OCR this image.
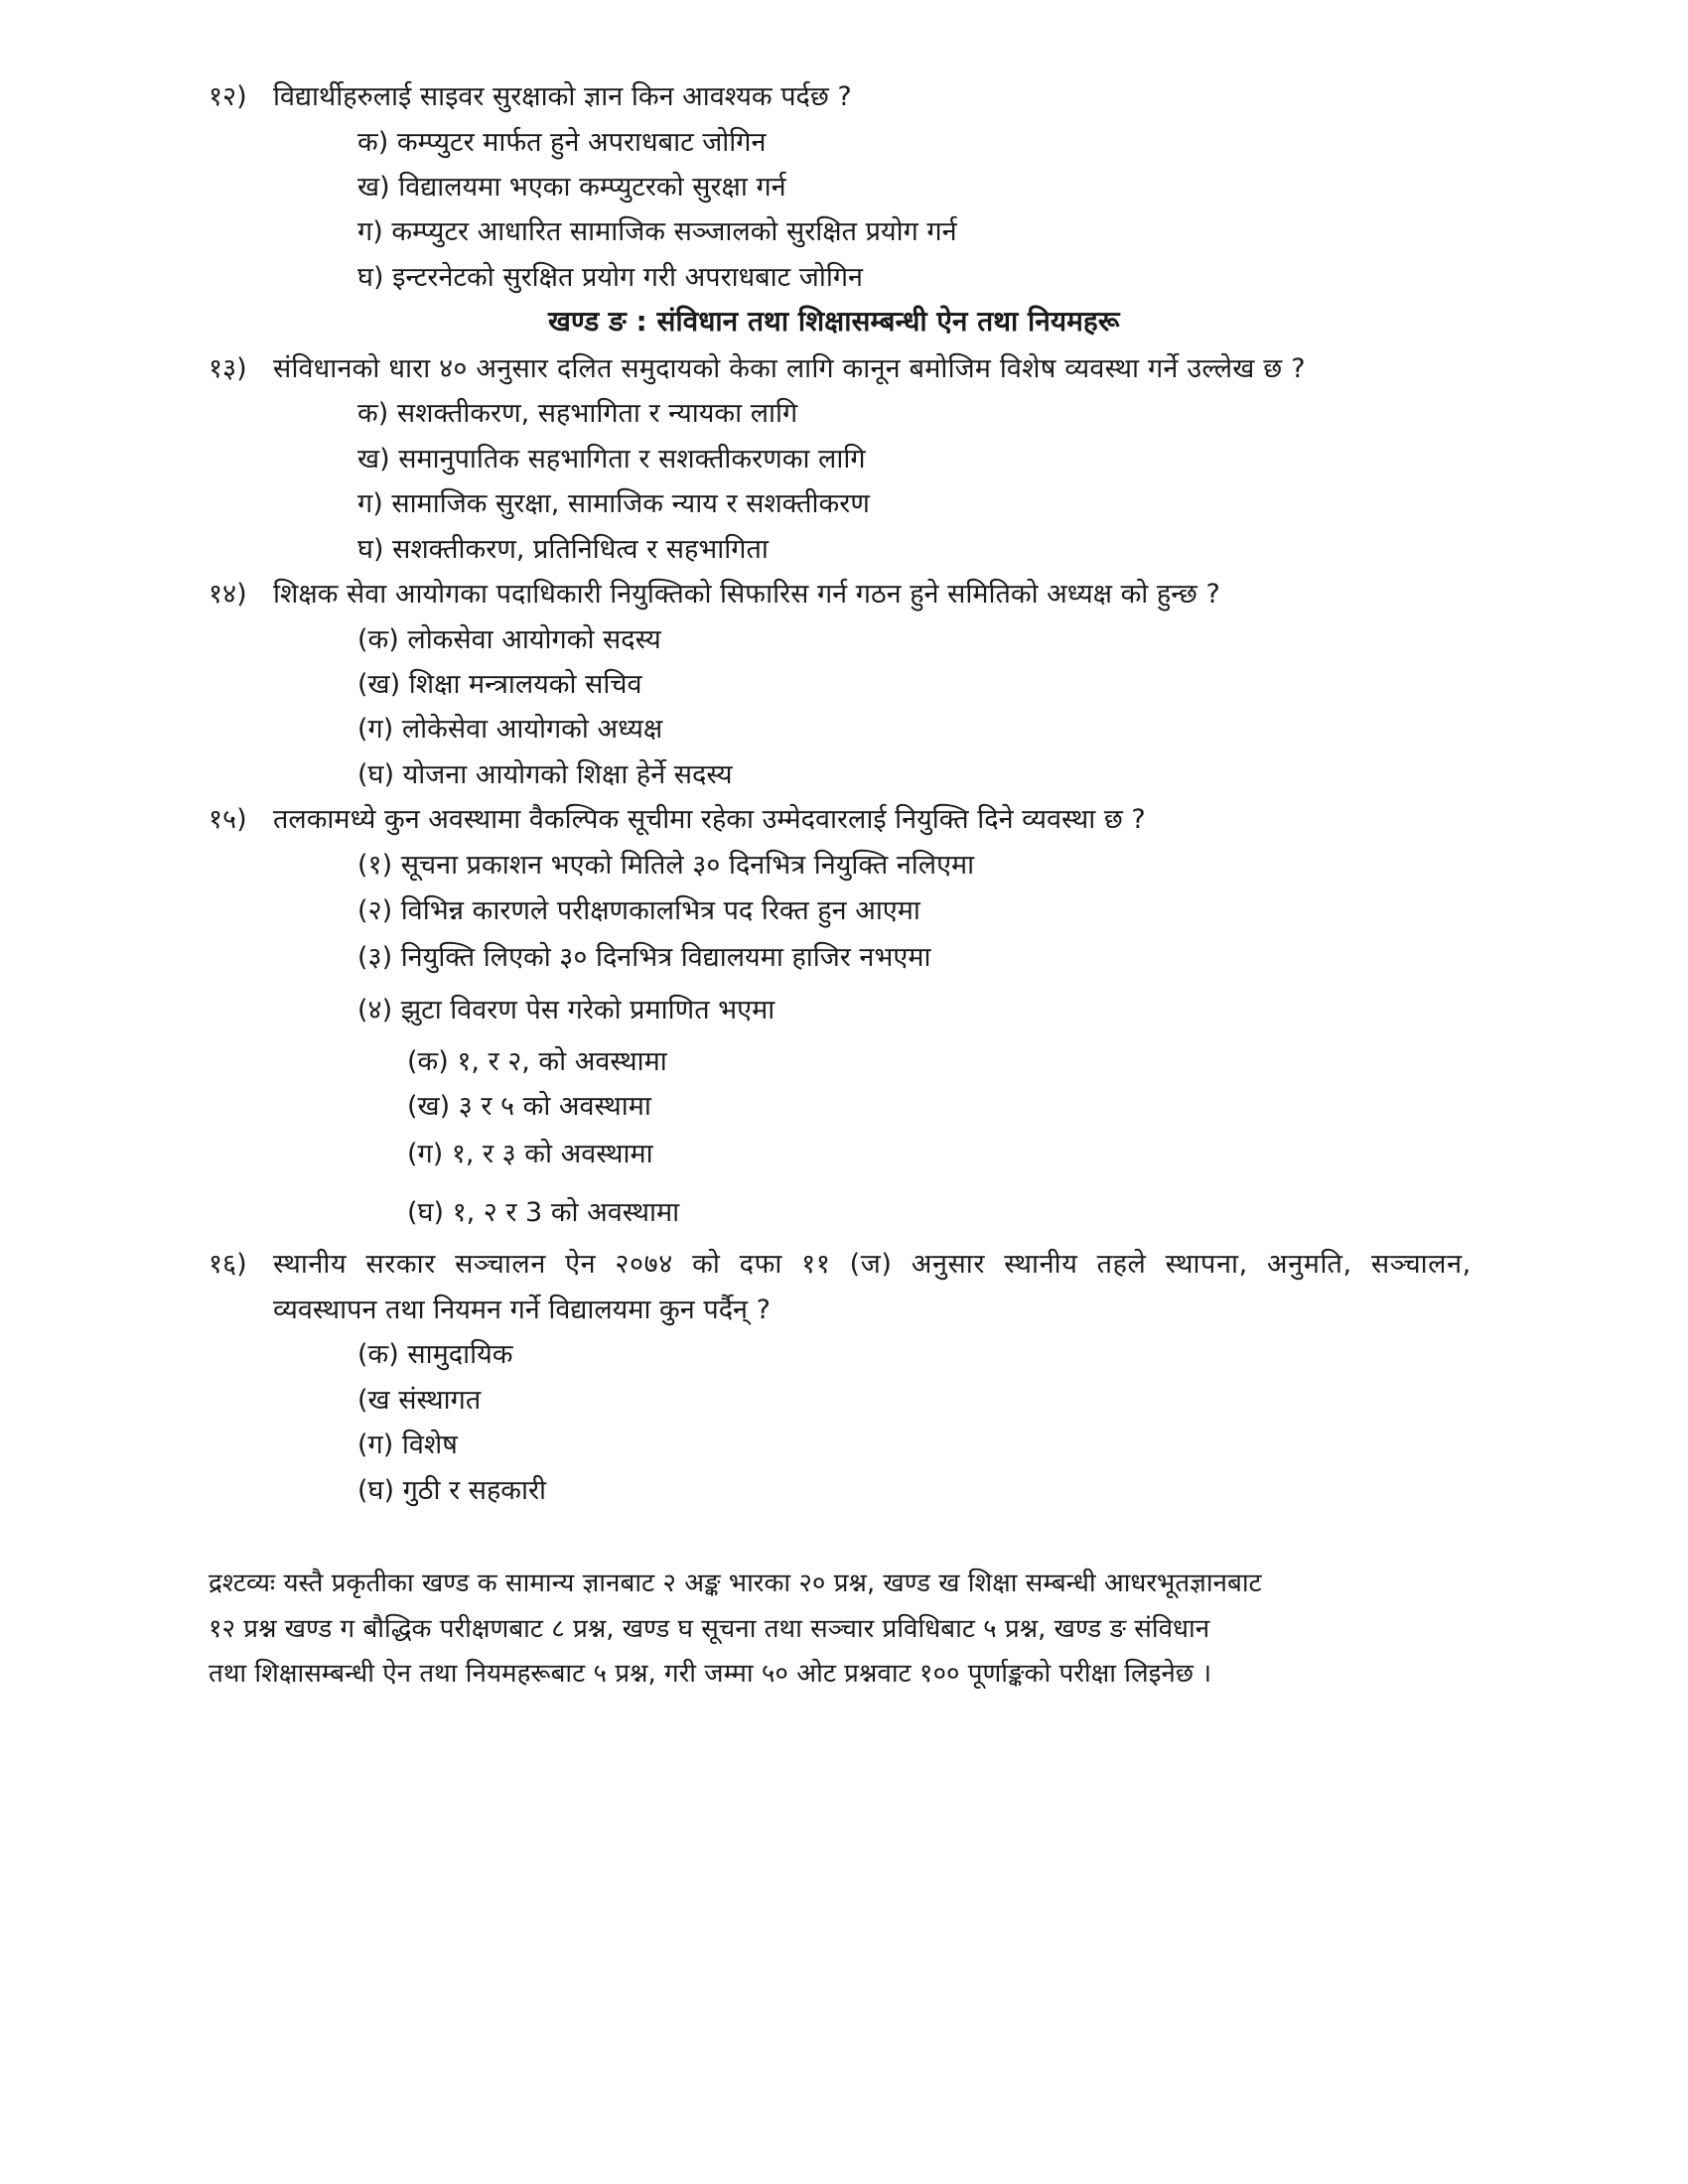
१२) विद्यार्थीहरुलाई साइवर सुरक्षाको ज्ञान किन आवश्यक पर्दछ ?
क) कम्प्युटर मार्फत हुने अपराधबाट जोगिन
ख) विद्यालयमा भएका कम्प्युटरको सुरक्षा गर्न
ग) कम्प्युटर आधारित सामाजिक सञ्जालको सुरक्षित प्रयोग गर्न
घ) इन्टरनेटको सुरक्षित प्रयोग गरी अपराधबाट जोगिन
खण्ड ङ : संविधान तथा शिक्षासम्बन्धी ऐन तथा नियमहरू
१३) संविधानको धारा ४० अनुसार दलित समुदायको केका लागि कानून बमोजिम विशेष व्यवस्था गर्ने उल्लेख छ ?
क) सशक्तीकरण, सहभागिता र न्यायका लागि
ख) समानुपातिक सहभागिता र सशक्तीकरणका लागि
ग) सामाजिक सुरक्षा, सामाजिक न्याय र सशक्तीकरण
घ) सशक्तीकरण, प्रतिनिधित्व र सहभागिता
१४) शिक्षक सेवा आयोगका पदाधिकारी नियुक्तिको सिफारिस गर्न गठन हुने समितिको अध्यक्ष को हुन्छ ?
(क) लोकसेवा आयोगको सदस्य
(ख) शिक्षा मन्त्रालयको सचिव
(ग) लोकेसेवा आयोगको अध्यक्ष
(घ) योजना आयोगको शिक्षा हेर्ने सदस्य
१५) तलकामध्ये कुन अवस्थामा वैकल्पिक सूचीमा रहेका उम्मेदवारलाई नियुक्ति दिने व्यवस्था छ ?
(१) सूचना प्रकाशन भएको मितिले ३० दिनभित्र नियुक्ति नलिएमा
(२) विभिन्न कारणले परीक्षणकालभित्र पद रिक्त हुन आएमा
(३) नियुक्ति लिएको ३० दिनभित्र विद्यालयमा हाजिर नभएमा
(४) झुटा विवरण पेस गरेको प्रमाणित भएमा
(क) १, र २, को अवस्थामा
(ख) ३ र ५ को अवस्थामा
(ग) १, र ३ को अवस्थामा
(घ) १, २ र 3 को अवस्थामा
१६) स्थानीय सरकार सञ्चालन ऐन २०७४ को दफा ११ (ज) अनुसार स्थानीय तहले स्थापना, अनुमति, सञ्चालन,
व्यवस्थापन तथा नियमन गर्ने विद्यालयमा कुन पर्दैन् ?
(क) सामुदायिक
(ख संस्थागत
(ग) विशेष
(घ) गुठी र सहकारी
द्रश्टव्यः यस्तै प्रकृतीका खण्ड क सामान्य ज्ञानबाट २ अङ्क भारका २० प्रश्न, खण्ड ख शिक्षा सम्बन्धी आधरभूतज्ञानबाट
१२ प्रश्न खण्ड ग बौद्धिक परीक्षणबाट ८ प्रश्न, खण्ड घ सूचना तथा सञ्चार प्रविधिबाट ५ प्रश्न, खण्ड ङ संविधान
तथा शिक्षासम्बन्धी ऐन तथा नियमहरूबाट ५ प्रश्न, गरी जम्मा ५० ओट प्रश्नवाट १०० पूर्णाङ्कको परीक्षा लिइनेछ ।
